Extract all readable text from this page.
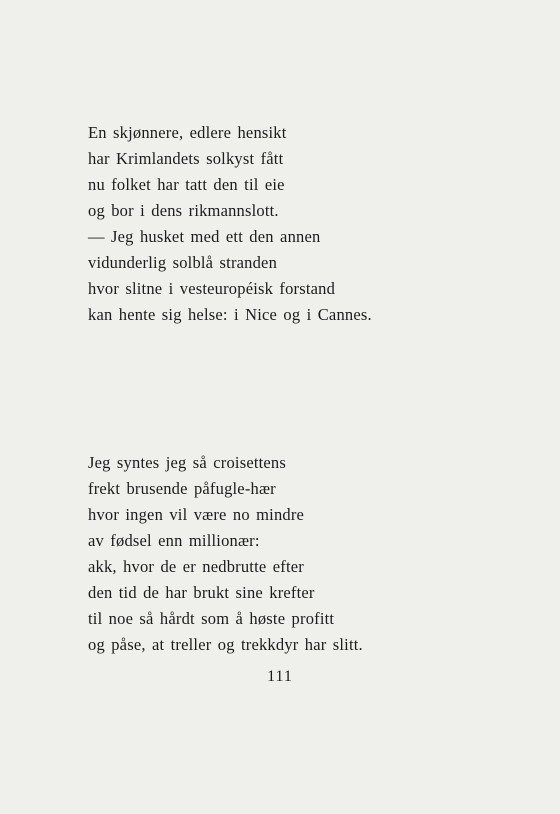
En skjønnere, edlere hensikt
har Krimlandets solkyst fått
nu folket har tatt den til eie
og bor i dens rikmannslott.
— Jeg husket med ett den annen
vidunderlig solblå stranden
hvor slitne i vesteuropéisk forstand
kan hente sig helse: i Nice og i Cannes.
Jeg syntes jeg så croisettens
frekt brusende påfugle-hær
hvor ingen vil være no mindre
av fødsel enn millionær:
akk, hvor de er nedbrutte efter
den tid de har brukt sine krefter
til noe så hårdt som å høste profitt
og påse, at treller og trekkdyr har slitt.
111
